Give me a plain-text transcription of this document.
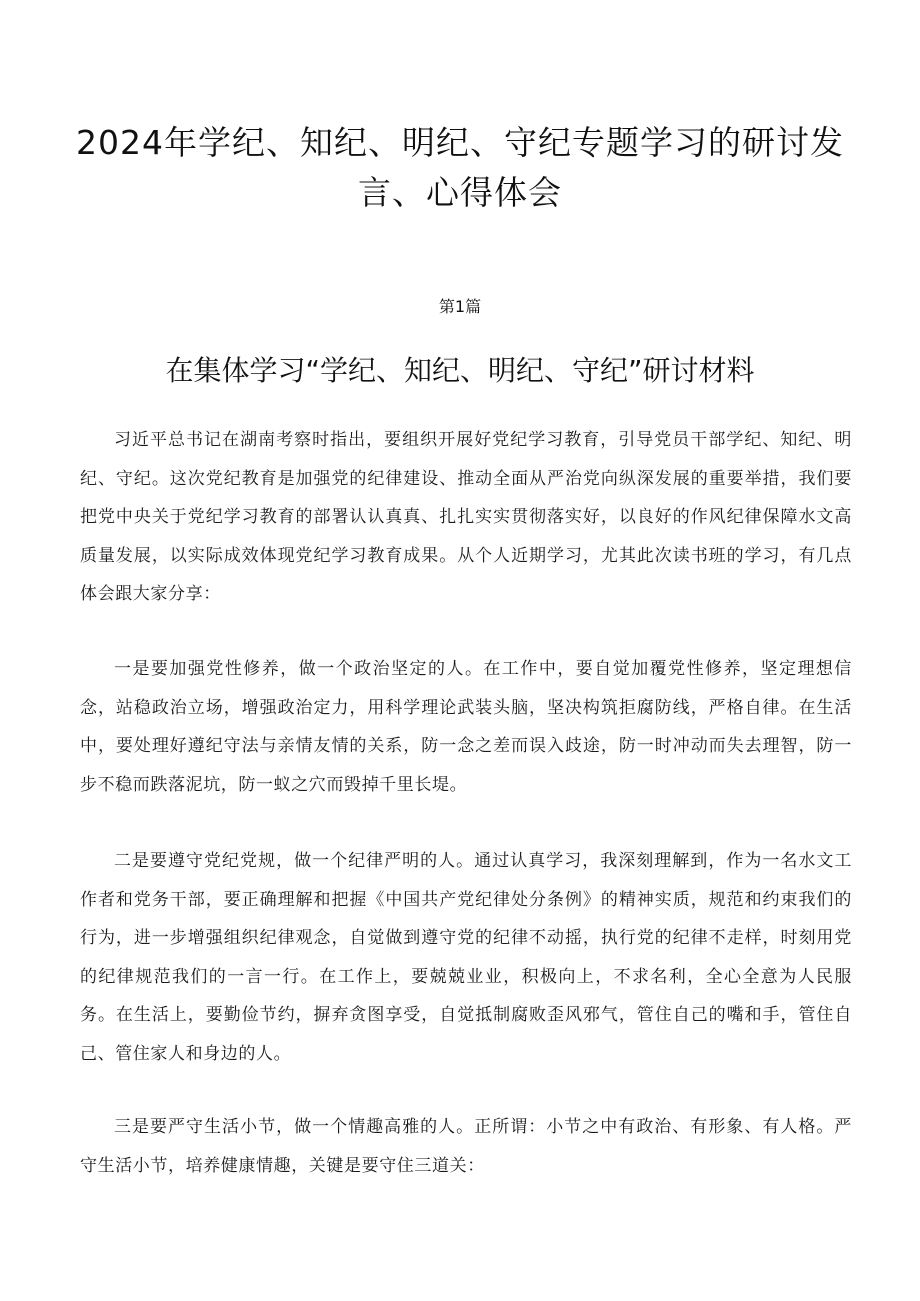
2024年学纪、知纪、明纪、守纪专题学习的研讨发言、心得体会
第1篇
在集体学习“学纪、知纪、明纪、守纪”研讨材料

习近平总书记在湖南考察时指出，要组织开展好党纪学习教育，引导党员干部学纪、知纪、明纪、守纪。这次党纪教育是加强党的纪律建设、推动全面从严治党向纵深发展的重要举措，我们要把党中央关于党纪学习教育的部署认认真真、扎扎实实贯彻落实好，以良好的作风纪律保障水文高质量发展，以实际成效体现党纪学习教育成果。从个人近期学习，尤其此次读书班的学习，有几点体会跟大家分享：

一是要加强党性修养，做一个政治坚定的人。在工作中，要自觉加覆党性修养，坚定理想信念，站稳政治立场，增强政治定力，用科学理论武装头脑，坚决构筑拒腐防线，严格自律。在生活中，要处理好遵纪守法与亲情友情的关系，防一念之差而误入歧途，防一时冲动而失去理智，防一步不稳而跌落泥坑，防一蚁之穴而毁掉千里长堤。

二是要遵守党纪党规，做一个纪律严明的人。通过认真学习，我深刻理解到，作为一名水文工作者和党务干部，要正确理解和把握《中国共产党纪律处分条例》的精神实质，规范和约束我们的行为，进一步增强组织纪律观念，自觉做到遵守党的纪律不动摇，执行党的纪律不走样，时刻用党的纪律规范我们的一言一行。在工作上，要兢兢业业，积极向上，不求名利，全心全意为人民服务。在生活上，要勤俭节约，摒弃贪图享受，自觉抵制腐败歪风邪气，管住自己的嘴和手，管住自己、管住家人和身边的人。

三是要严守生活小节，做一个情趣高雅的人。正所谓：小节之中有政治、有形象、有人格。严守生活小节，培养健康情趣，关键是要守住三道关：
